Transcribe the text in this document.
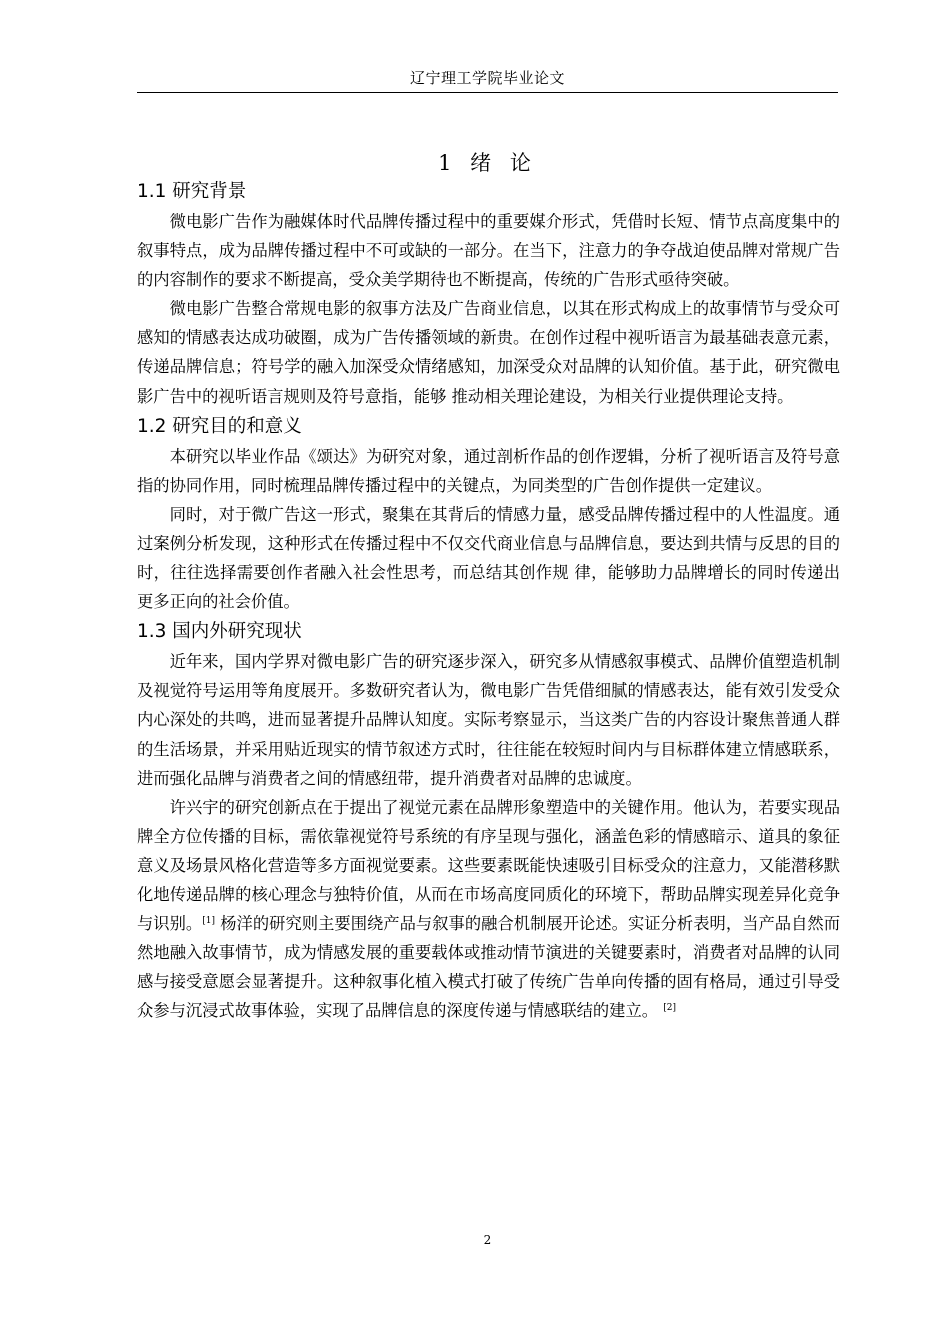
辽宁理工学院毕业论文
1 绪 论
1.1 研究背景

微电影广告作为融媒体时代品牌传播过程中的重要媒介形式，凭借时长短、情节点高度集中的叙事特点，成为品牌传播过程中不可或缺的一部分。在当下，注意力的争夺战迫使品牌对常规广告的内容制作的要求不断提高，受众美学期待也不断提高，传统的广告形式亟待突破。

微电影广告整合常规电影的叙事方法及广告商业信息，以其在形式构成上的故事情节与受众可感知的情感表达成功破圈，成为广告传播领域的新贵。在创作过程中视听语言为最基础表意元素，传递品牌信息；符号学的融入加深受众情绪感知，加深受众对品牌的认知价值。基于此，研究微电影广告中的视听语言规则及符号意指，能够 推动相关理论建设，为相关行业提供理论支持。

1.2 研究目的和意义

本研究以毕业作品《颂达》为研究对象，通过剖析作品的创作逻辑，分析了视听语言及符号意指的协同作用，同时梳理品牌传播过程中的关键点，为同类型的广告创作提供一定建议。

同时，对于微广告这一形式，聚集在其背后的情感力量，感受品牌传播过程中的人性温度。通过案例分析发现，这种形式在传播过程中不仅交代商业信息与品牌信息，要达到共情与反思的目的时，往往选择需要创作者融入社会性思考，而总结其创作规 律，能够助力品牌增长的同时传递出更多正向的社会价值。

1.3 国内外研究现状

近年来，国内学界对微电影广告的研究逐步深入，研究多从情感叙事模式、品牌价值塑造机制及视觉符号运用等角度展开。多数研究者认为，微电影广告凭借细腻的情感表达，能有效引发受众内心深处的共鸣，进而显著提升品牌认知度。实际考察显示，当这类广告的内容设计聚焦普通人群的生活场景，并采用贴近现实的情节叙述方式时，往往能在较短时间内与目标群体建立情感联系，进而强化品牌与消费者之间的情感纽带，提升消费者对品牌的忠诚度。

许兴宇的研究创新点在于提出了视觉元素在品牌形象塑造中的关键作用。他认为，若要实现品牌全方位传播的目标，需依靠视觉符号系统的有序呈现与强化，涵盖色彩的情感暗示、道具的象征意义及场景风格化营造等多方面视觉要素。这些要素既能快速吸引目标受众的注意力，又能潜移默化地传递品牌的核心理念与独特价值，从而在市场高度同质化的环境下，帮助品牌实现差异化竞争与识别。[1] 杨洋的研究则主要围绕产品与叙事的融合机制展开论述。实证分析表明，当产品自然而然地融入故事情节，成为情感发展的重要载体或推动情节演进的关键要素时，消费者对品牌的认同感与接受意愿会显著提升。这种叙事化植入模式打破了传统广告单向传播的固有格局，通过引导受众参与沉浸式故事体验，实现了品牌信息的深度传递与情感联结的建立。 [2]

2
